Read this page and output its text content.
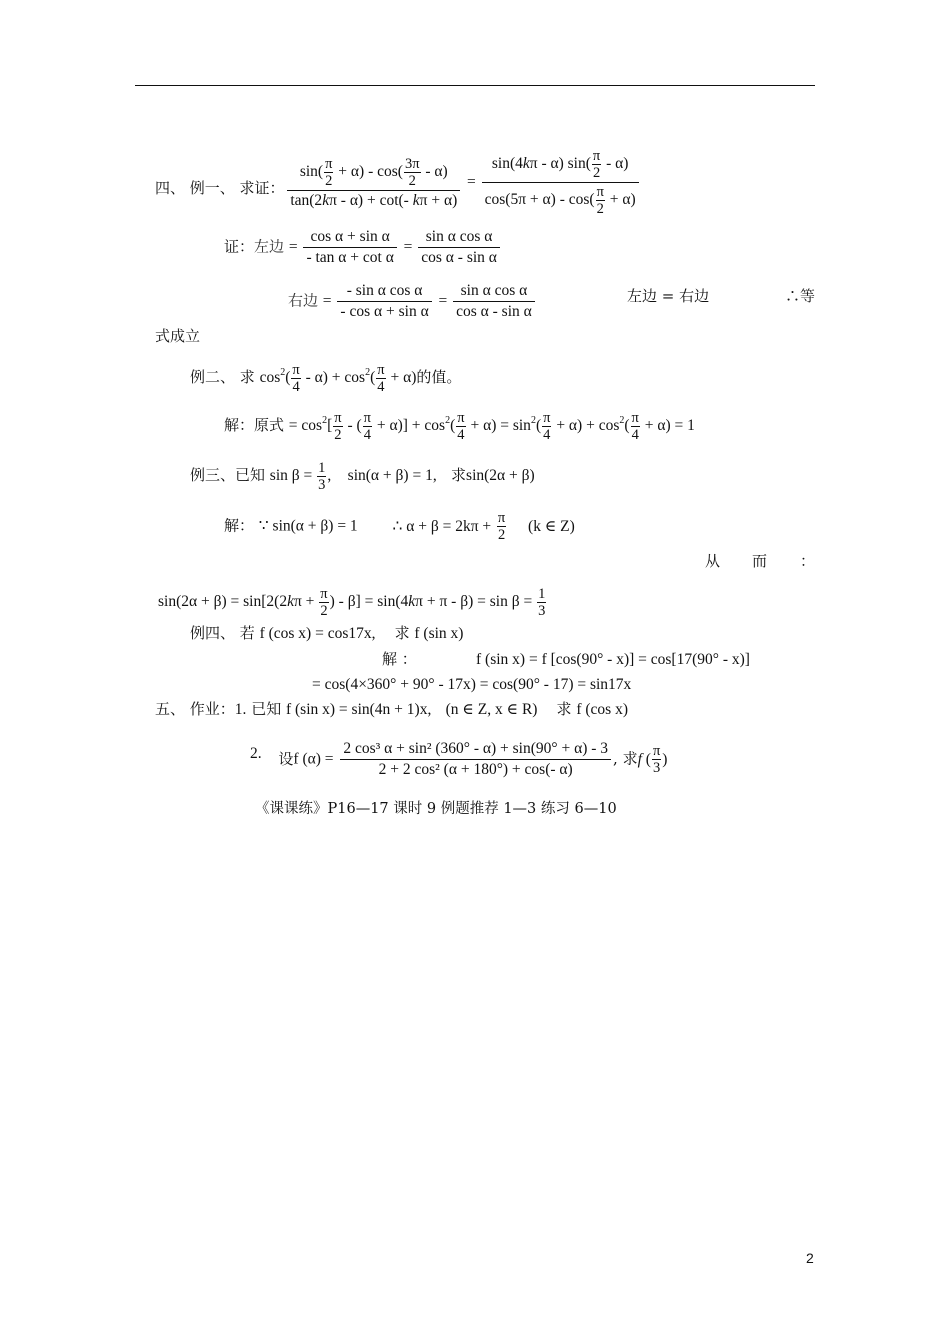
四、 例一、 求证： $\frac{\sin( \frac{\pi}{2} + \alpha) - \cos( \frac{3\pi}{2} - \alpha)}{\tan(2k\pi - \alpha) + \cot(- k\pi + \alpha)} = \frac{\sin(4k\pi - \alpha) \sin( \frac{\pi}{2} - \alpha)}{\cos(5\pi + \alpha) - \cos( \frac{\pi}{2} + \alpha)}$
证：左边 = $\frac{\text{cos α + sin α}}{\text{- tan α + cot α}} = \frac{\text{sin α cos α}}{\text{cos α - sin α}}$
右边 = $\frac{\text{- sin α cos α}}{\text{- cos α + sin α}} = \frac{\text{sin α cos α}}{\text{cos α - sin α}}$	左边 = 右边	∴等
式成立
例二、 求 $\cos^2( \frac{\pi}{4} - \alpha) + \cos^2( \frac{\pi}{4} + \alpha)$的值。
解：原式 = $\cos^2[ \frac{\pi}{2}$ - ( $\frac{\pi}{4} + \alpha)] + \cos^2( \frac{\pi}{4} + \alpha) = \sin^2( \frac{\pi}{4} + \alpha) + \cos^2( \frac{\pi}{4} + \alpha) = 1$
例三、已知 $\sin \beta = \frac{1}{3}$ ,    sin(α + β) = 1, 求sin(2α + β)
解： ∵ sin(α + β) = 1 ∴ $\alpha + \beta = 2k\pi + \frac{\pi}{2} (k$ ∈ Z)
从 而 ：
$\sin(2\alpha + \beta) = \sin[2(2k\pi + \frac{\pi}{2}$ ) - $\beta] = \sin(4k\pi + \pi - \beta) = \sin \beta = \frac{1}{3}$
例四、 若 f (cos x) = cos17x, 求 f (sin x)
解 ：	f (sin x) = f [cos(90° - x)] = cos[17(90° - x)]
= cos(4×360° + 90° - 17x) = cos(90° - 17) = sin17x
五、 作业：1. 已知 f (sin x) = sin(4n + 1)x, (n ∈ Z, x ∈ R) 求 f (cos x)
2. 设f $(\alpha) = \frac{\text{2 cos³ α + sin² (360° - α) + sin(90° + α) - 3}}{\text{2 + 2 cos² (α + 180°) + cos(- α)}}$ , 求f ( $\frac{\pi}{3}$ )
《课课练》P16—17 课时 9 例题推荐 1—3 练习 6—10
2
